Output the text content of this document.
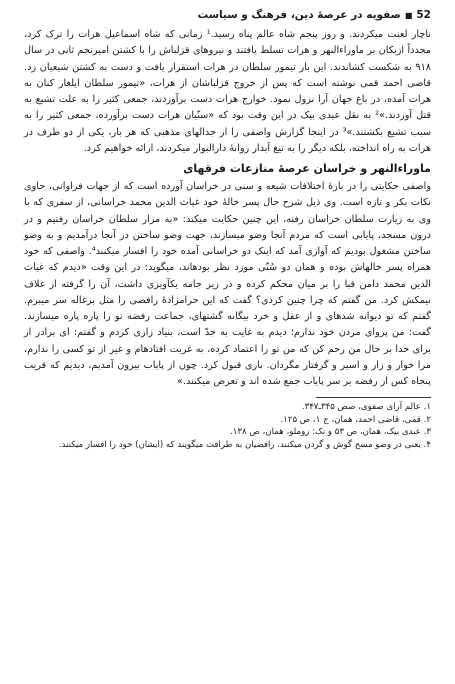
52
■
صفویه در عرصهٔ دین، فرهنگ و سیاست

ناچار لعنت میکردند. و روز پنجم شاه عالم پناه رسید.¹ زمانی که شاه اسماعیل هرات را ترک کرد، مجدداً ازبکان بر ماوراءالنهر و هرات تسلط یافتند و نیروهای قزلباش را با کشتن امیرنجم ثانی در سال ۹۱۸ به شکست کشاندند. این بار تیمور سلطان در هرات استقرار یافت و دست به کشتن شیعیان زد. قاضی احمد قمی نوشته است که پس از خروج قزلباشان از هرات، «تیمور سلطان ایلغار کنان به هرات آمده، در باغ جهان آرا نزول نمود. خوارج هرات دست برآوردند، جمعی کثیر را به علت تشیع به قتل آوردند.»² به نقل عبدی بیک در این وقت بود که «سنّیان هرات دست برآورده، جمعی کثیر را به سبب تشیع بکشتند.»³ در اینجا گزارش واصفی را از جدالهای مذهبی که هر بار، یکی از دو طرف در هرات به راه انداخته، بلکه دیگر را به تیغ آبدار روانهٔ دارالبوار میکردند، ارائه خواهیم کرد.

ماوراءالنهر و خراسان عرصهٔ منازعات فرقهای

واصفی حکایتی را در بارهٔ اختلافات شیعه و سنی در خراسان آورده است که از جهات فراوانی، حاوی نکات بکر و تازه است. وی ذیل شرح حال پسر خالهٔ خود غیاث الدین محمد خراسانی، از سفری که با وی به زیارت سلطان خراسان رفته، این چنین حکایت میکند: «به مزار سلطان خراسان رفتیم و در درون مسجد، پایابی است که مردم آنجا وضو میسازند، جهت وضو ساختن در آنجا درآمدیم و به وضو ساختن مشغول بودیم که آوازی آمد که اینک دو خراسانی آمده خود را افسار میکنند⁴. واصفی که خود همراه پسر خالهاش بوده و همان دو سُنّی مورد نظر بودهاند، میگوید: در این وقت «دیدم که غیاث الدین محمد دامن قبا را بر میان محکم کرده و در زیر جامه یکآویزی داشت، آن را گرفته از غلاف نیمکش کرد. من گفتم که چرا چنین کردی؟ گفت که این حرامزادهٔ رافضی را مثل بزغاله سر میبرم. گفتم که تو دیوانه شدهای و از عقل و خرد بیگانه گشتهای، جماعت رفضه تو را پاره پاره میسازند. گفت: من پروای مردن خود ندارم؛ دیدم به غایت به جدّ است، بنیاد زاری کردم و گفتم: ای برادر از برای خدا بر حال من رحم کن که من تو را اعتماد کرده، به غربت افتادهام و غیر از تو کسی را ندارم، مرا خوار و زار و اسیر و گرفتار مگردان. باری قبول کرد. چون از پایاب بیرون آمدیم، دیدیم که قریب پنجاه کس از رفضه بر سر پایاب جمع شده اند و تعرض میکنند.»

۱. عالم آرای صفوی، صص ۳۴۵ـ۳۴۷.
۲. قمی، قاضی احمد، همان، ج ۱، ص ۱۲۵.
۳. عبدی بیک، همان، ص ۵۳ و نک: روملو، همان، ص ۱۳۸.
۴. یعنی در وضو مسح گوش و گردن میکنند. رافضیان به طرافت میگویند که (ایشان) خود را افسار میکنند.
